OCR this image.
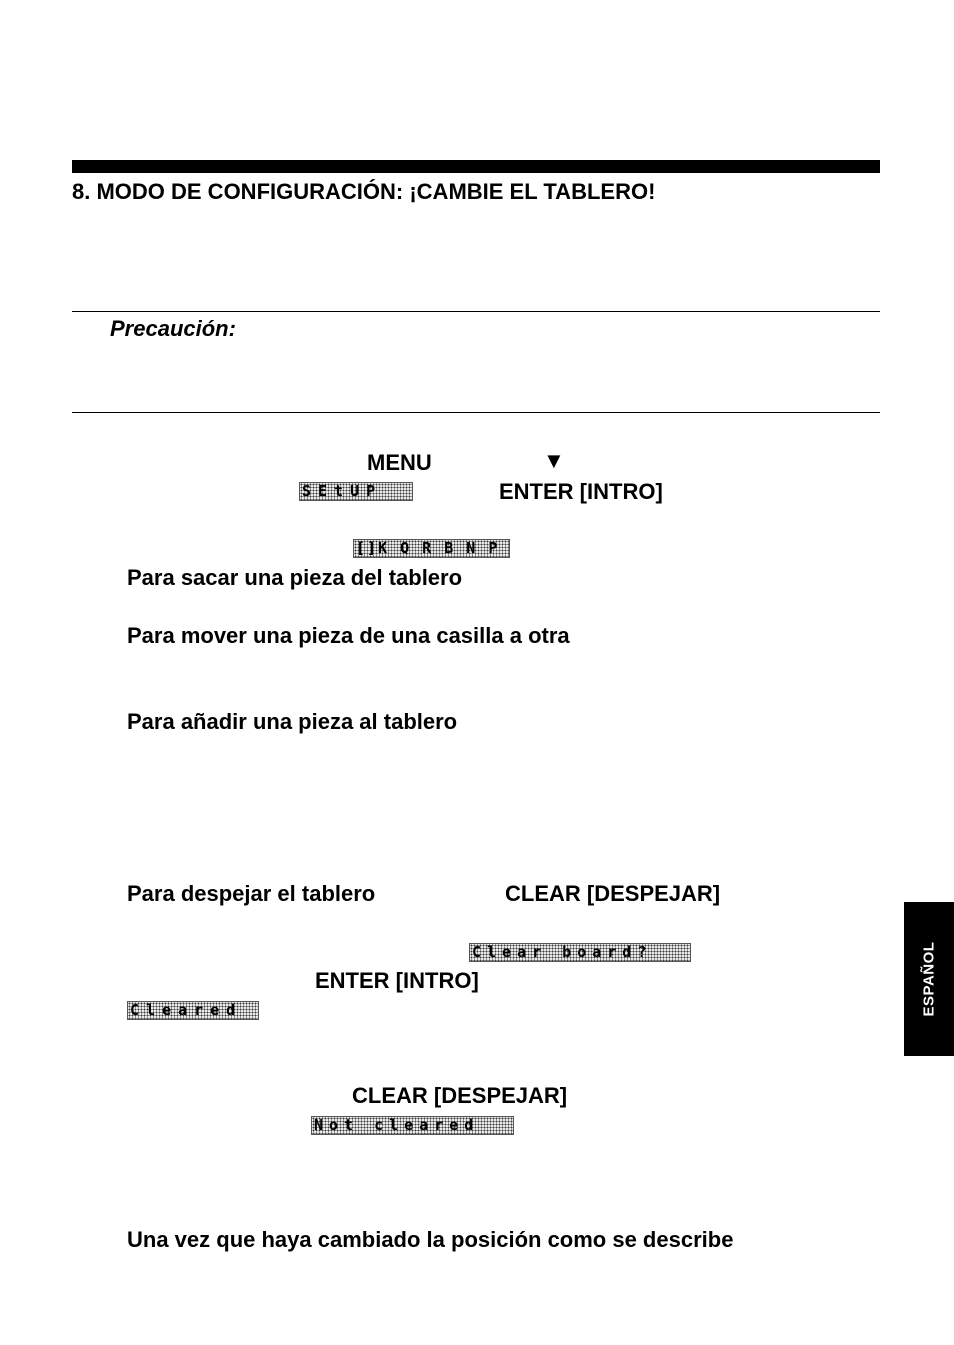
8. MODO DE CONFIGURACIÓN: ¡CAMBIE EL TABLERO!
Precaución:
MENU	▼
SEtUP	ENTER [INTRO]
[]K Q R B N P
Para sacar una pieza del tablero
Para mover una pieza de una casilla a otra
Para añadir una pieza al tablero
Para despejar el tablero	CLEAR [DESPEJAR]
Clear board?
ENTER [INTRO]
Cleared
CLEAR [DESPEJAR]
Not cleared
Una vez que haya cambiado la posición como se describe
ESPAÑOL
